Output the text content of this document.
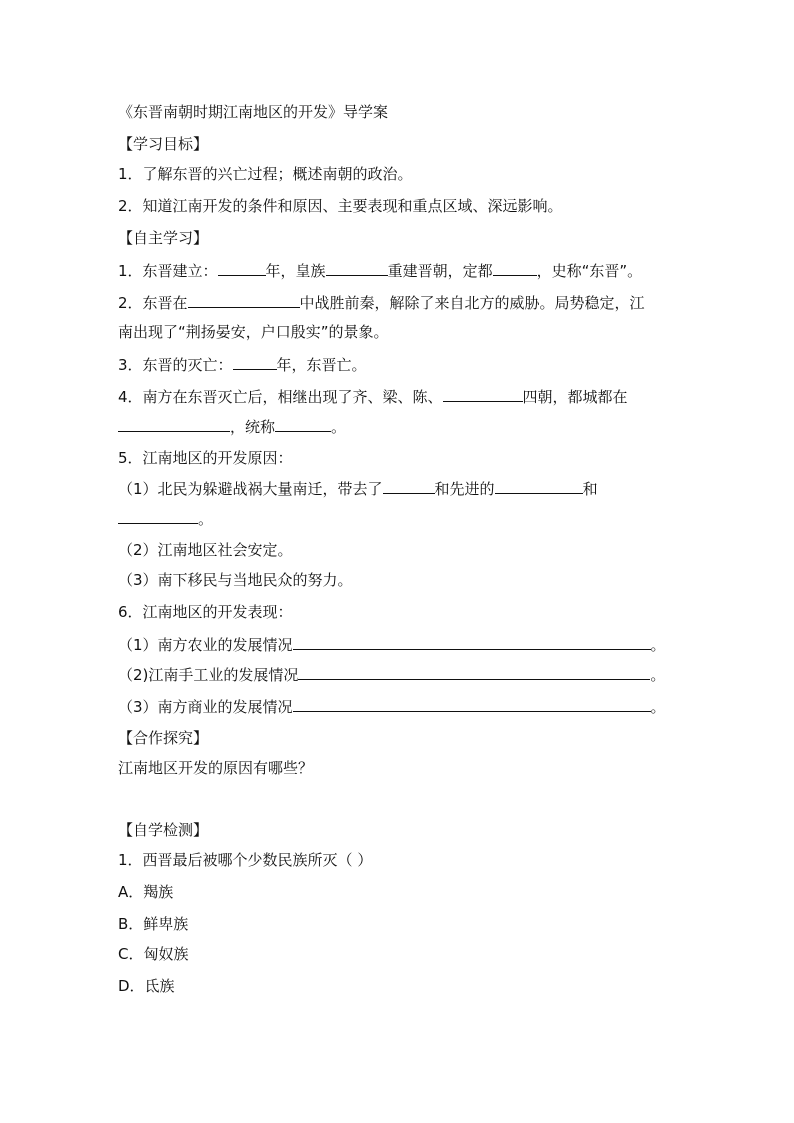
《东晋南朝时期江南地区的开发》导学案
【学习目标】
1．了解东晋的兴亡过程；概述南朝的政治。
2．知道江南开发的条件和原因、主要表现和重点区域、深远影响。
【自主学习】
1．东晋建立：	年，皇族	重建晋朝，定都	，史称“东晋”。
2．东晋在	中战胜前秦，解除了来自北方的威胁。局势稳定，江
南出现了“荆扬晏安，户口殷实”的景象。
3．东晋的灭亡：	年，东晋亡。
4．南方在东晋灭亡后，相继出现了齐、梁、陈、	四朝，都城都在
，统称	。
5．江南地区的开发原因：
（1）北民为躲避战祸大量南迁，带去了	和先进的	和
。
（2）江南地区社会安定。
（3）南下移民与当地民众的努力。
6．江南地区的开发表现：
（1）南方农业的发展情况	。
（2)江南手工业的发展情况	。
（3）南方商业的发展情况	。
【合作探究】
江南地区开发的原因有哪些？
【自学检测】
1．西晋最后被哪个少数民族所灭（ ）
A．羯族
B．鲜卑族
C．匈奴族
D．氐族
